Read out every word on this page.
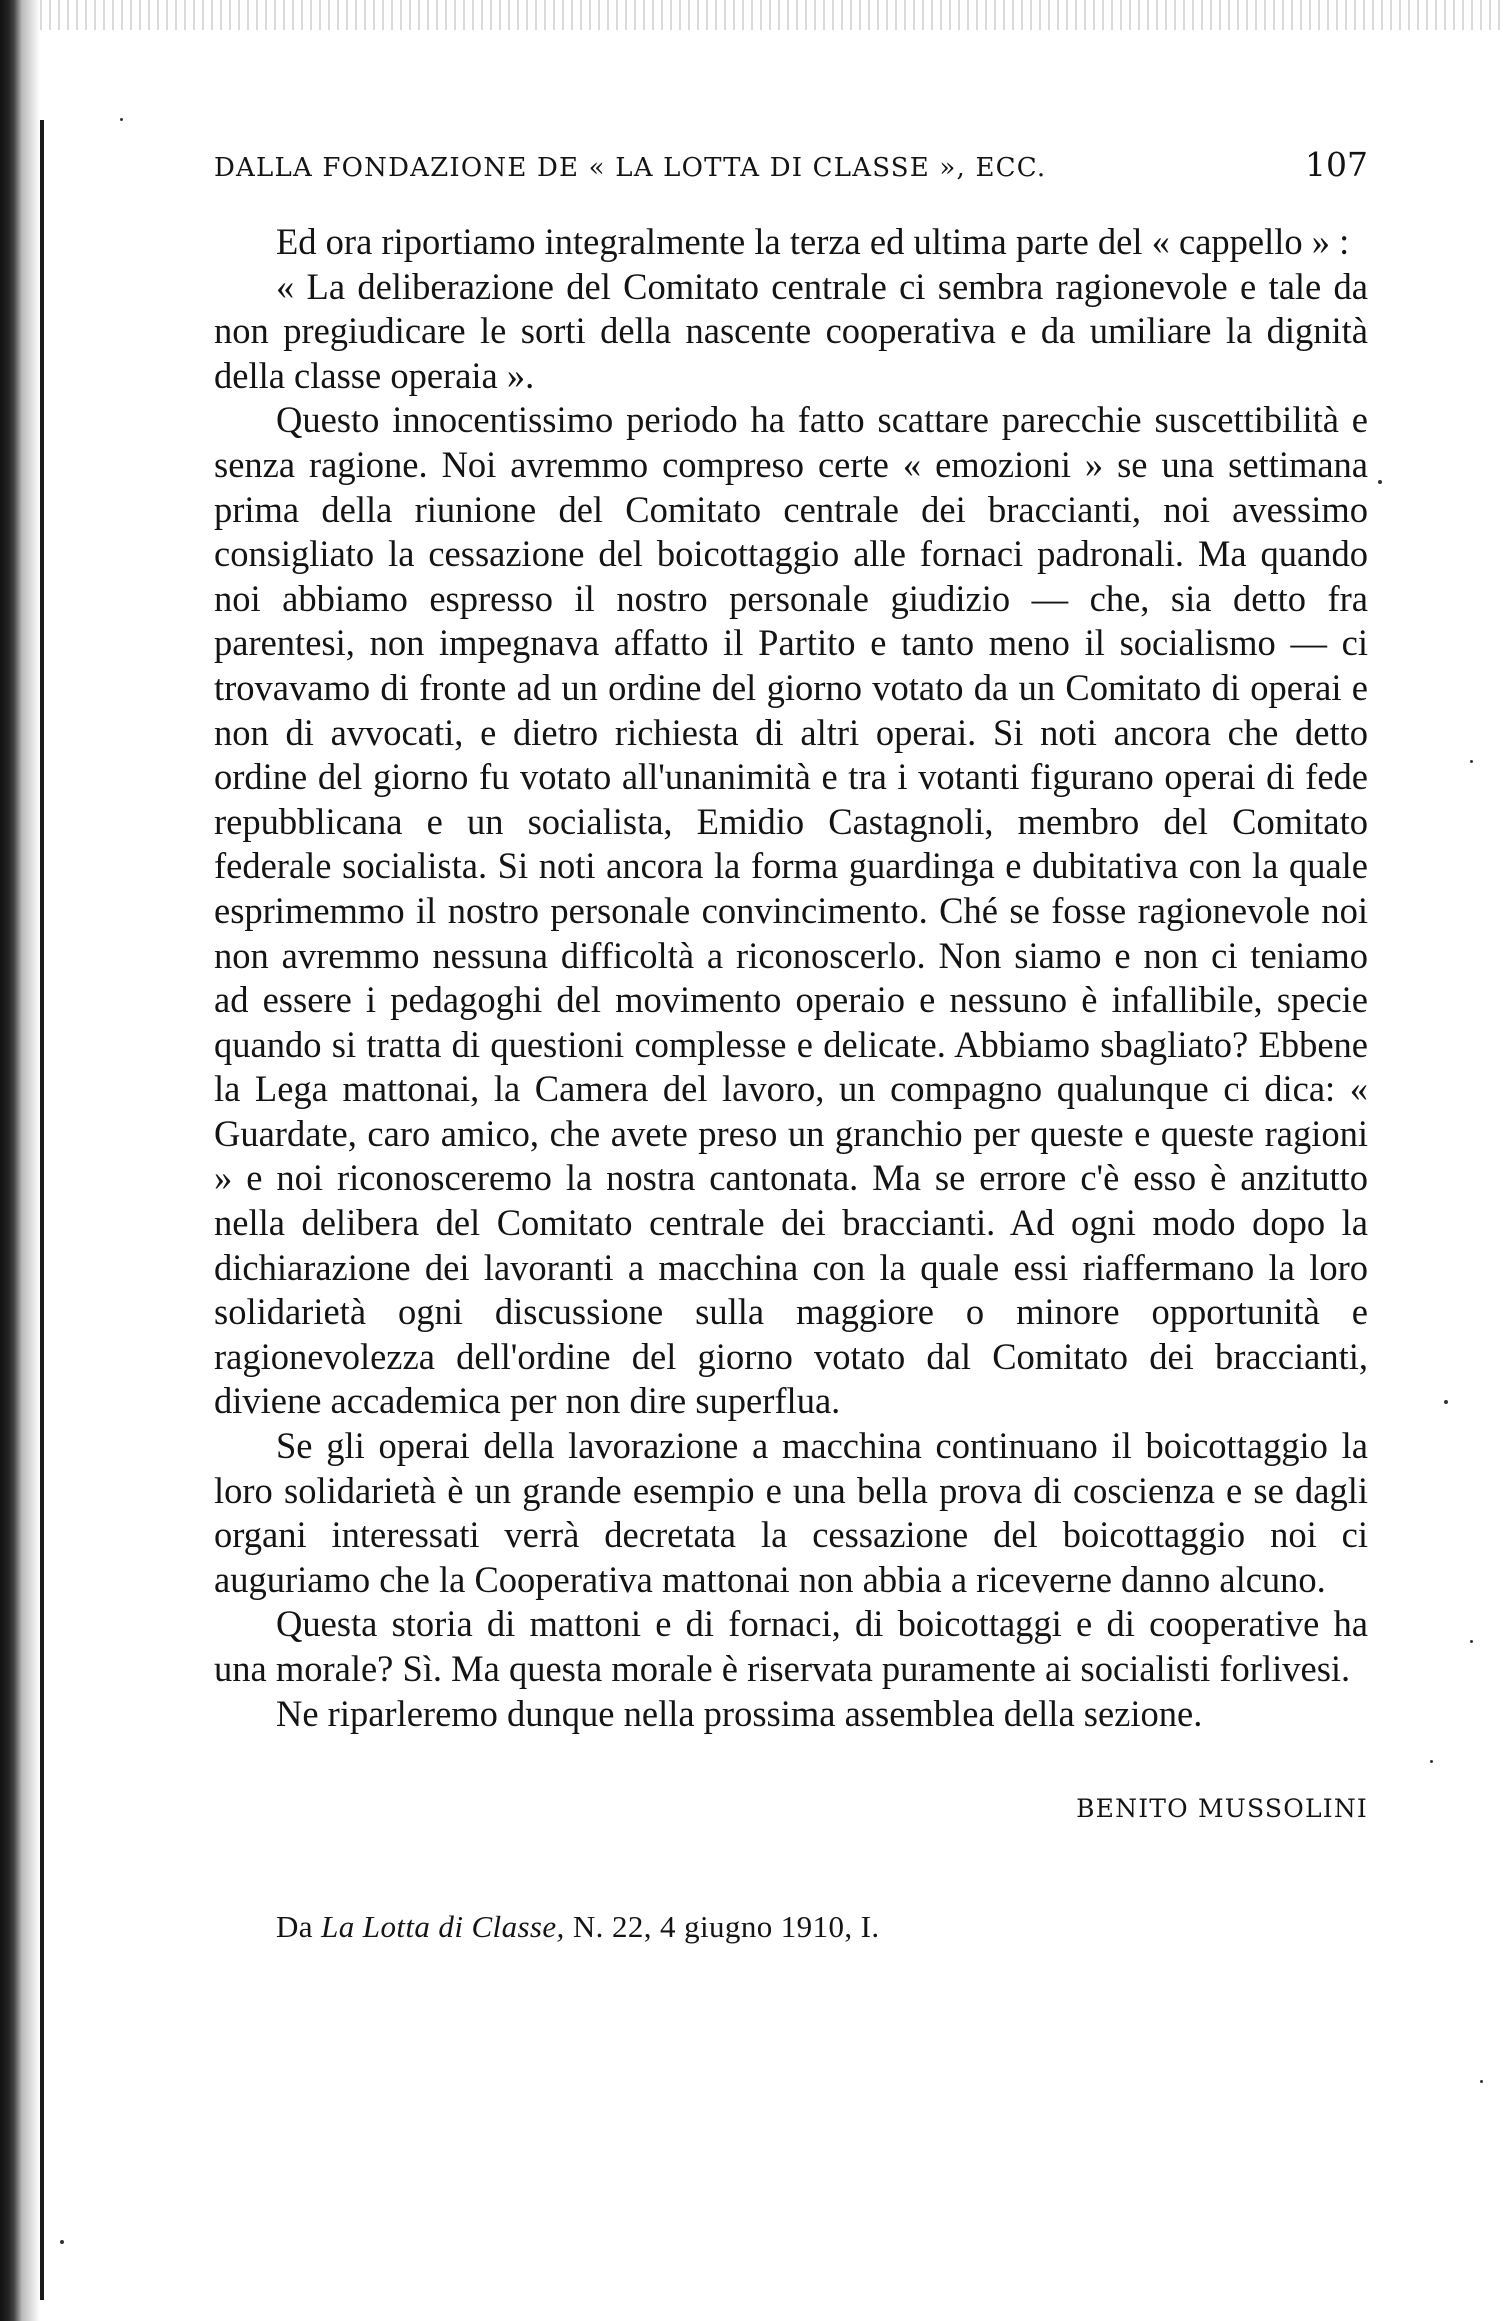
DALLA FONDAZIONE DE « LA LOTTA DI CLASSE », ECC.	107

Ed ora riportiamo integralmente la terza ed ultima parte del « cappello » :

« La deliberazione del Comitato centrale ci sembra ragionevole e tale da non pregiudicare le sorti della nascente cooperativa e da umiliare la dignità della classe operaia ».

Questo innocentissimo periodo ha fatto scattare parecchie suscettibilità e senza ragione. Noi avremmo compreso certe « emozioni » se una settimana prima della riunione del Comitato centrale dei braccianti, noi avessimo consigliato la cessazione del boicottaggio alle fornaci padronali. Ma quando noi abbiamo espresso il nostro personale giudizio — che, sia detto fra parentesi, non impegnava affatto il Partito e tanto meno il socialismo — ci trovavamo di fronte ad un ordine del giorno votato da un Comitato di operai e non di avvocati, e dietro richiesta di altri operai. Si noti ancora che detto ordine del giorno fu votato all'unanimità e tra i votanti figurano operai di fede repubblicana e un socialista, Emidio Castagnoli, membro del Comitato federale socialista. Si noti ancora la forma guardinga e dubitativa con la quale esprimemmo il nostro personale convincimento. Ché se fosse ragionevole noi non avremmo nessuna difficoltà a riconoscerlo. Non siamo e non ci teniamo ad essere i pedagoghi del movimento operaio e nessuno è infallibile, specie quando si tratta di questioni complesse e delicate. Abbiamo sbagliato? Ebbene la Lega mattonai, la Camera del lavoro, un compagno qualunque ci dica: « Guardate, caro amico, che avete preso un granchio per queste e queste ragioni » e noi riconosceremo la nostra cantonata. Ma se errore c'è esso è anzitutto nella delibera del Comitato centrale dei braccianti. Ad ogni modo dopo la dichiarazione dei lavoranti a macchina con la quale essi riaffermano la loro solidarietà ogni discussione sulla maggiore o minore opportunità e ragionevolezza dell'ordine del giorno votato dal Comitato dei braccianti, diviene accademica per non dire superflua.

Se gli operai della lavorazione a macchina continuano il boicottaggio la loro solidarietà è un grande esempio e una bella prova di coscienza e se dagli organi interessati verrà decretata la cessazione del boicottaggio noi ci auguriamo che la Cooperativa mattonai non abbia a riceverne danno alcuno.

Questa storia di mattoni e di fornaci, di boicottaggi e di cooperative ha una morale? Sì. Ma questa morale è riservata puramente ai socialisti forlivesi.

Ne riparleremo dunque nella prossima assemblea della sezione.

BENITO MUSSOLINI
Da La Lotta di Classe, N. 22, 4 giugno 1910, I.
